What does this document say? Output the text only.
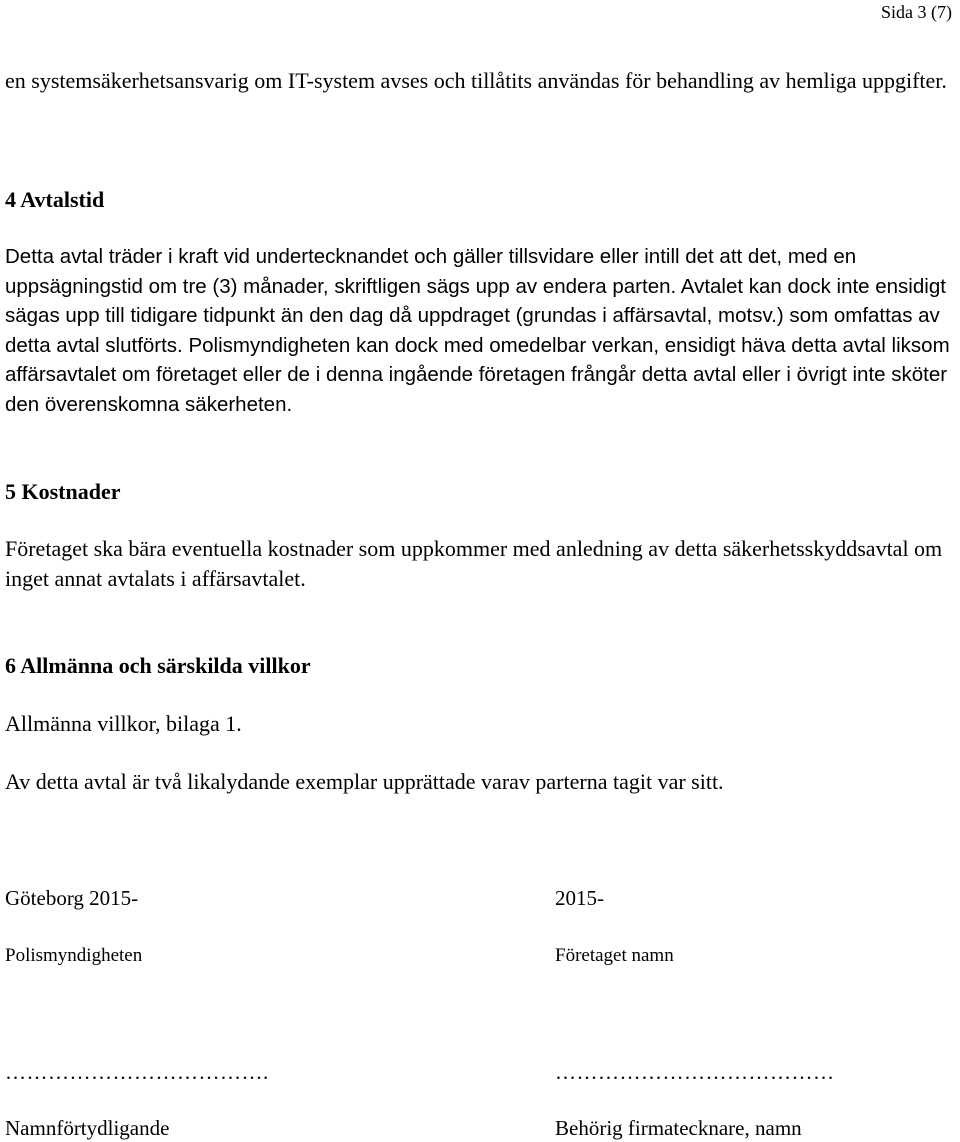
Sida 3 (7)

en systemsäkerhetsansvarig om IT-system avses och tillåtits användas för behandling av hemliga uppgifter.

4 Avtalstid

Detta avtal träder i kraft vid undertecknandet och gäller tillsvidare eller intill det att det, med en uppsägningstid om tre (3) månader, skriftligen sägs upp av endera parten. Avtalet kan dock inte ensidigt sägas upp till tidigare tidpunkt än den dag då uppdraget (grundas i affärsavtal, motsv.) som omfattas av detta avtal slutförts. Polismyndigheten kan dock med omedelbar verkan, ensidigt häva detta avtal liksom affärsavtalet om företaget eller de i denna ingående företagen frångår detta avtal eller i övrigt inte sköter den överenskomna säkerheten.

5 Kostnader

Företaget ska bära eventuella kostnader som uppkommer med anledning av detta säkerhetsskyddsavtal om inget annat avtalats i affärsavtalet.

6 Allmänna och särskilda villkor

Allmänna villkor, bilaga 1.

Av detta avtal är två likalydande exemplar upprättade varav parterna tagit var sitt.

Göteborg 2015-	2015-
Polismyndigheten	Företaget namn
……………………………….	…………………………………
Namnförtydligande	Behörig firmatecknare, namn
